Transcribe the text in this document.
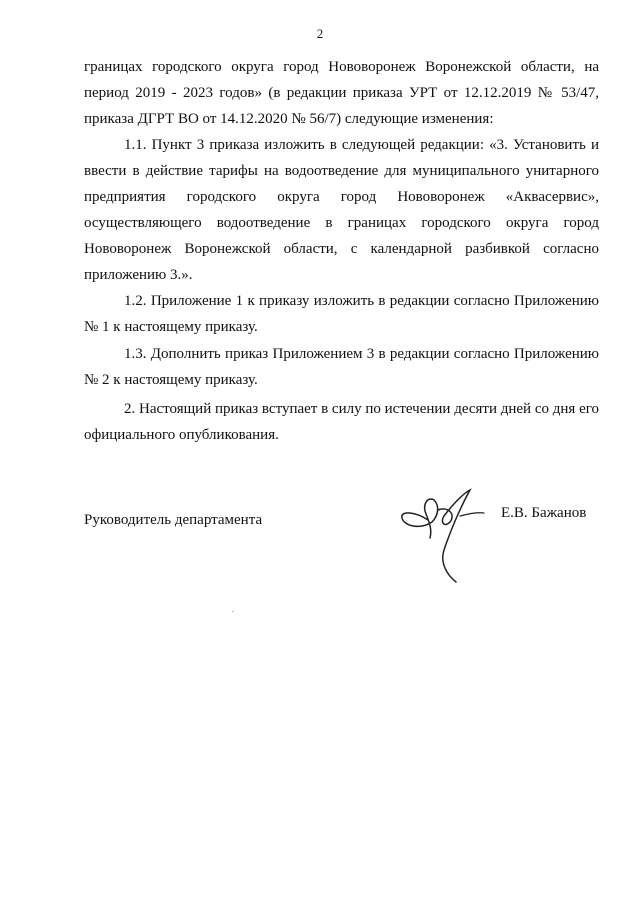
2

границах городского округа город Нововоронеж Воронежской области, на период 2019 - 2023 годов» (в редакции приказа УРТ от 12.12.2019 № 53/47, приказа ДГРТ ВО от 14.12.2020 № 56/7) следующие изменения:

1.1. Пункт 3 приказа изложить в следующей редакции: «3. Установить и ввести в действие тарифы на водоотведение для муниципального унитарного предприятия городского округа город Нововоронеж «Аквасервис», осуществляющего водоотведение в границах городского округа город Нововоронеж Воронежской области, с календарной разбивкой согласно приложению 3.».

1.2. Приложение 1 к приказу изложить в редакции согласно Приложению № 1 к настоящему приказу.

1.3. Дополнить приказ Приложением 3 в редакции согласно Приложению № 2 к настоящему приказу.

2. Настоящий приказ вступает в силу по истечении десяти дней со дня его официального опубликования.

Руководитель департамента	Е.В. Бажанов
